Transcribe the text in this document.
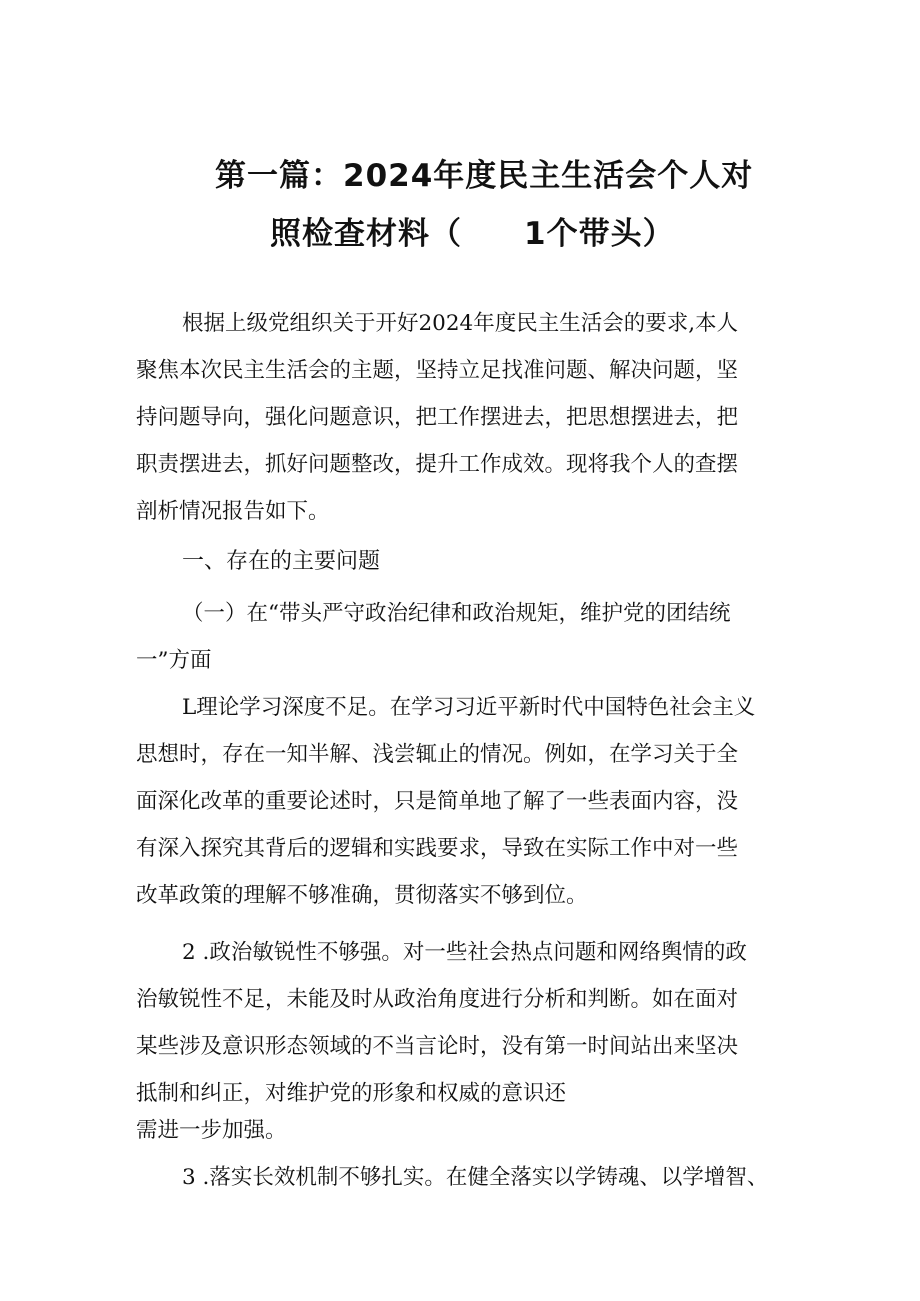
第一篇：2024年度民主生活会个人对
照检查材料（ 1个带头）
根据上级党组织关于开好2024年度民主生活会的要求,本人
聚焦本次民主生活会的主题，坚持立足找准问题、解决问题，坚
持问题导向，强化问题意识，把工作摆进去，把思想摆进去，把
职责摆进去，抓好问题整改，提升工作成效。现将我个人的查摆
剖析情况报告如下。
一、存在的主要问题
（一）在“带头严守政治纪律和政治规矩，维护党的团结统
一”方面
L理论学习深度不足。在学习习近平新时代中国特色社会主义
思想时，存在一知半解、浅尝辄止的情况。例如，在学习关于全
面深化改革的重要论述时，只是简单地了解了一些表面内容，没
有深入探究其背后的逻辑和实践要求，导致在实际工作中对一些
改革政策的理解不够准确，贯彻落实不够到位。
2 .政治敏锐性不够强。对一些社会热点问题和网络舆情的政
治敏锐性不足，未能及时从政治角度进行分析和判断。如在面对
某些涉及意识形态领域的不当言论时，没有第一时间站出来坚决
抵制和纠正，对维护党的形象和权威的意识还
需进一步加强。
3 .落实长效机制不够扎实。在健全落实以学铸魂、以学增智、
